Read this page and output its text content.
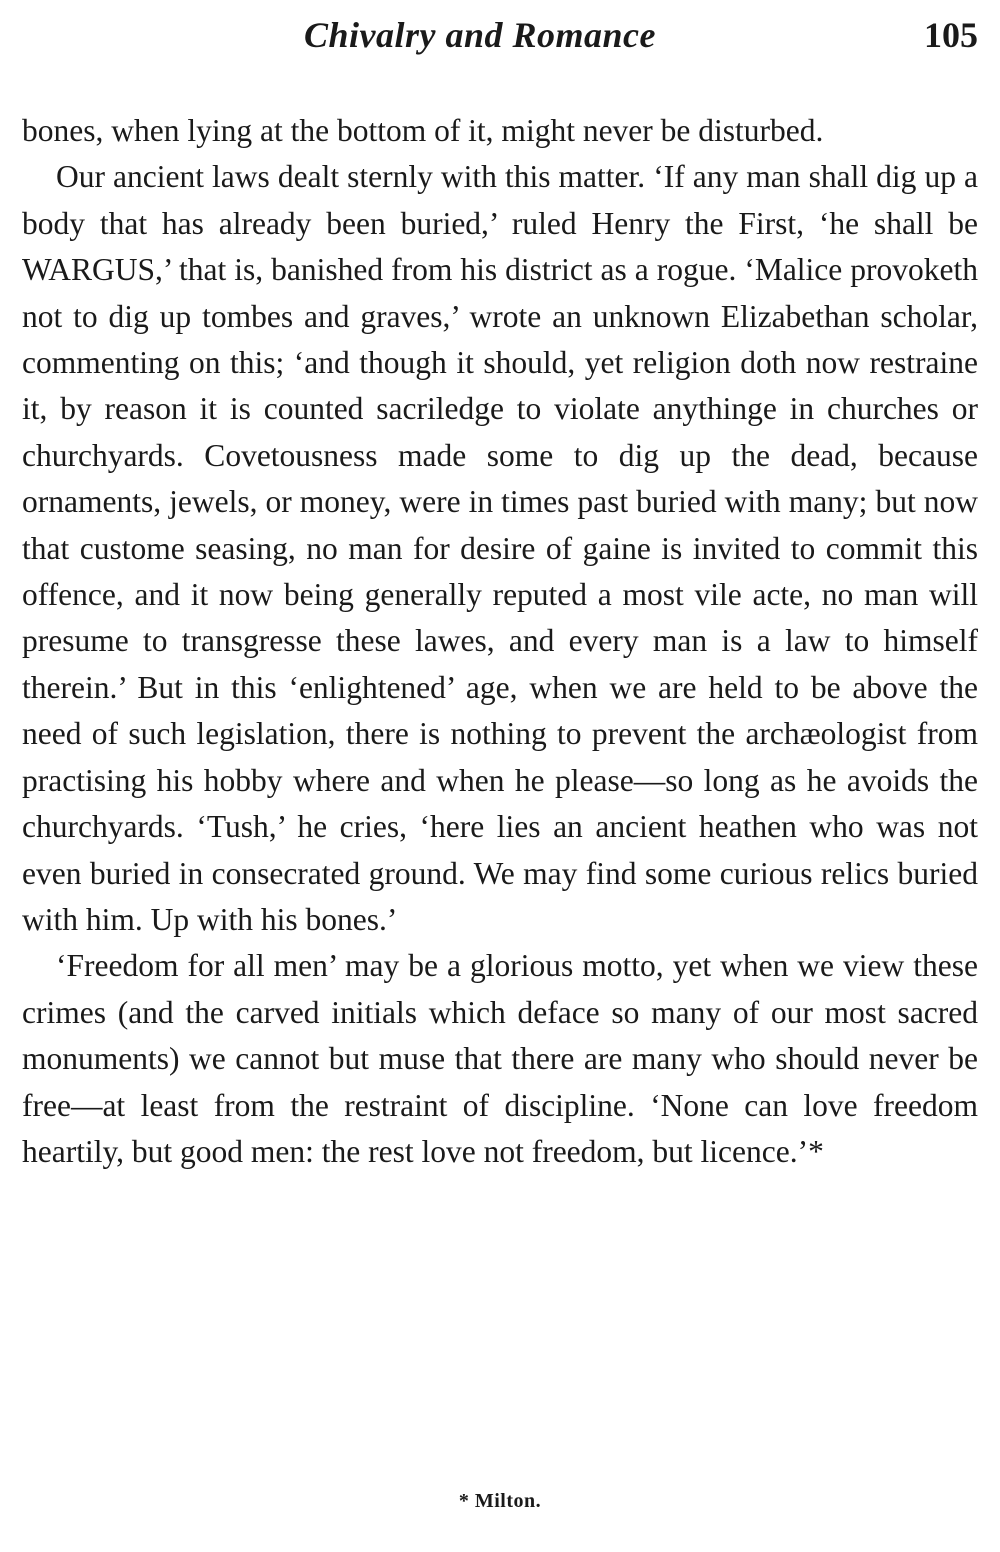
Chivalry and Romance	105

bones, when lying at the bottom of it, might never be disturbed.

Our ancient laws dealt sternly with this matter. ‘If any man shall dig up a body that has already been buried,’ ruled Henry the First, ‘he shall be WARGUS,’ that is, banished from his district as a rogue. ‘Malice provoketh not to dig up tombes and graves,’ wrote an unknown Elizabethan scholar, commenting on this; ‘and though it should, yet religion doth now restraine it, by reason it is counted sacriledge to violate anythinge in churches or churchyards. Covetousness made some to dig up the dead, because ornaments, jewels, or money, were in times past buried with many; but now that custome seasing, no man for desire of gaine is invited to commit this offence, and it now being generally reputed a most vile acte, no man will presume to transgresse these lawes, and every man is a law to himself therein.’ But in this ‘enlightened’ age, when we are held to be above the need of such legislation, there is nothing to prevent the archæologist from practising his hobby where and when he please—so long as he avoids the churchyards. ‘Tush,’ he cries, ‘here lies an ancient heathen who was not even buried in consecrated ground. We may find some curious relics buried with him. Up with his bones.’

‘Freedom for all men’ may be a glorious motto, yet when we view these crimes (and the carved initials which deface so many of our most sacred monuments) we cannot but muse that there are many who should never be free—at least from the restraint of discipline. ‘None can love freedom heartily, but good men: the rest love not freedom, but licence.’*

* Milton.
